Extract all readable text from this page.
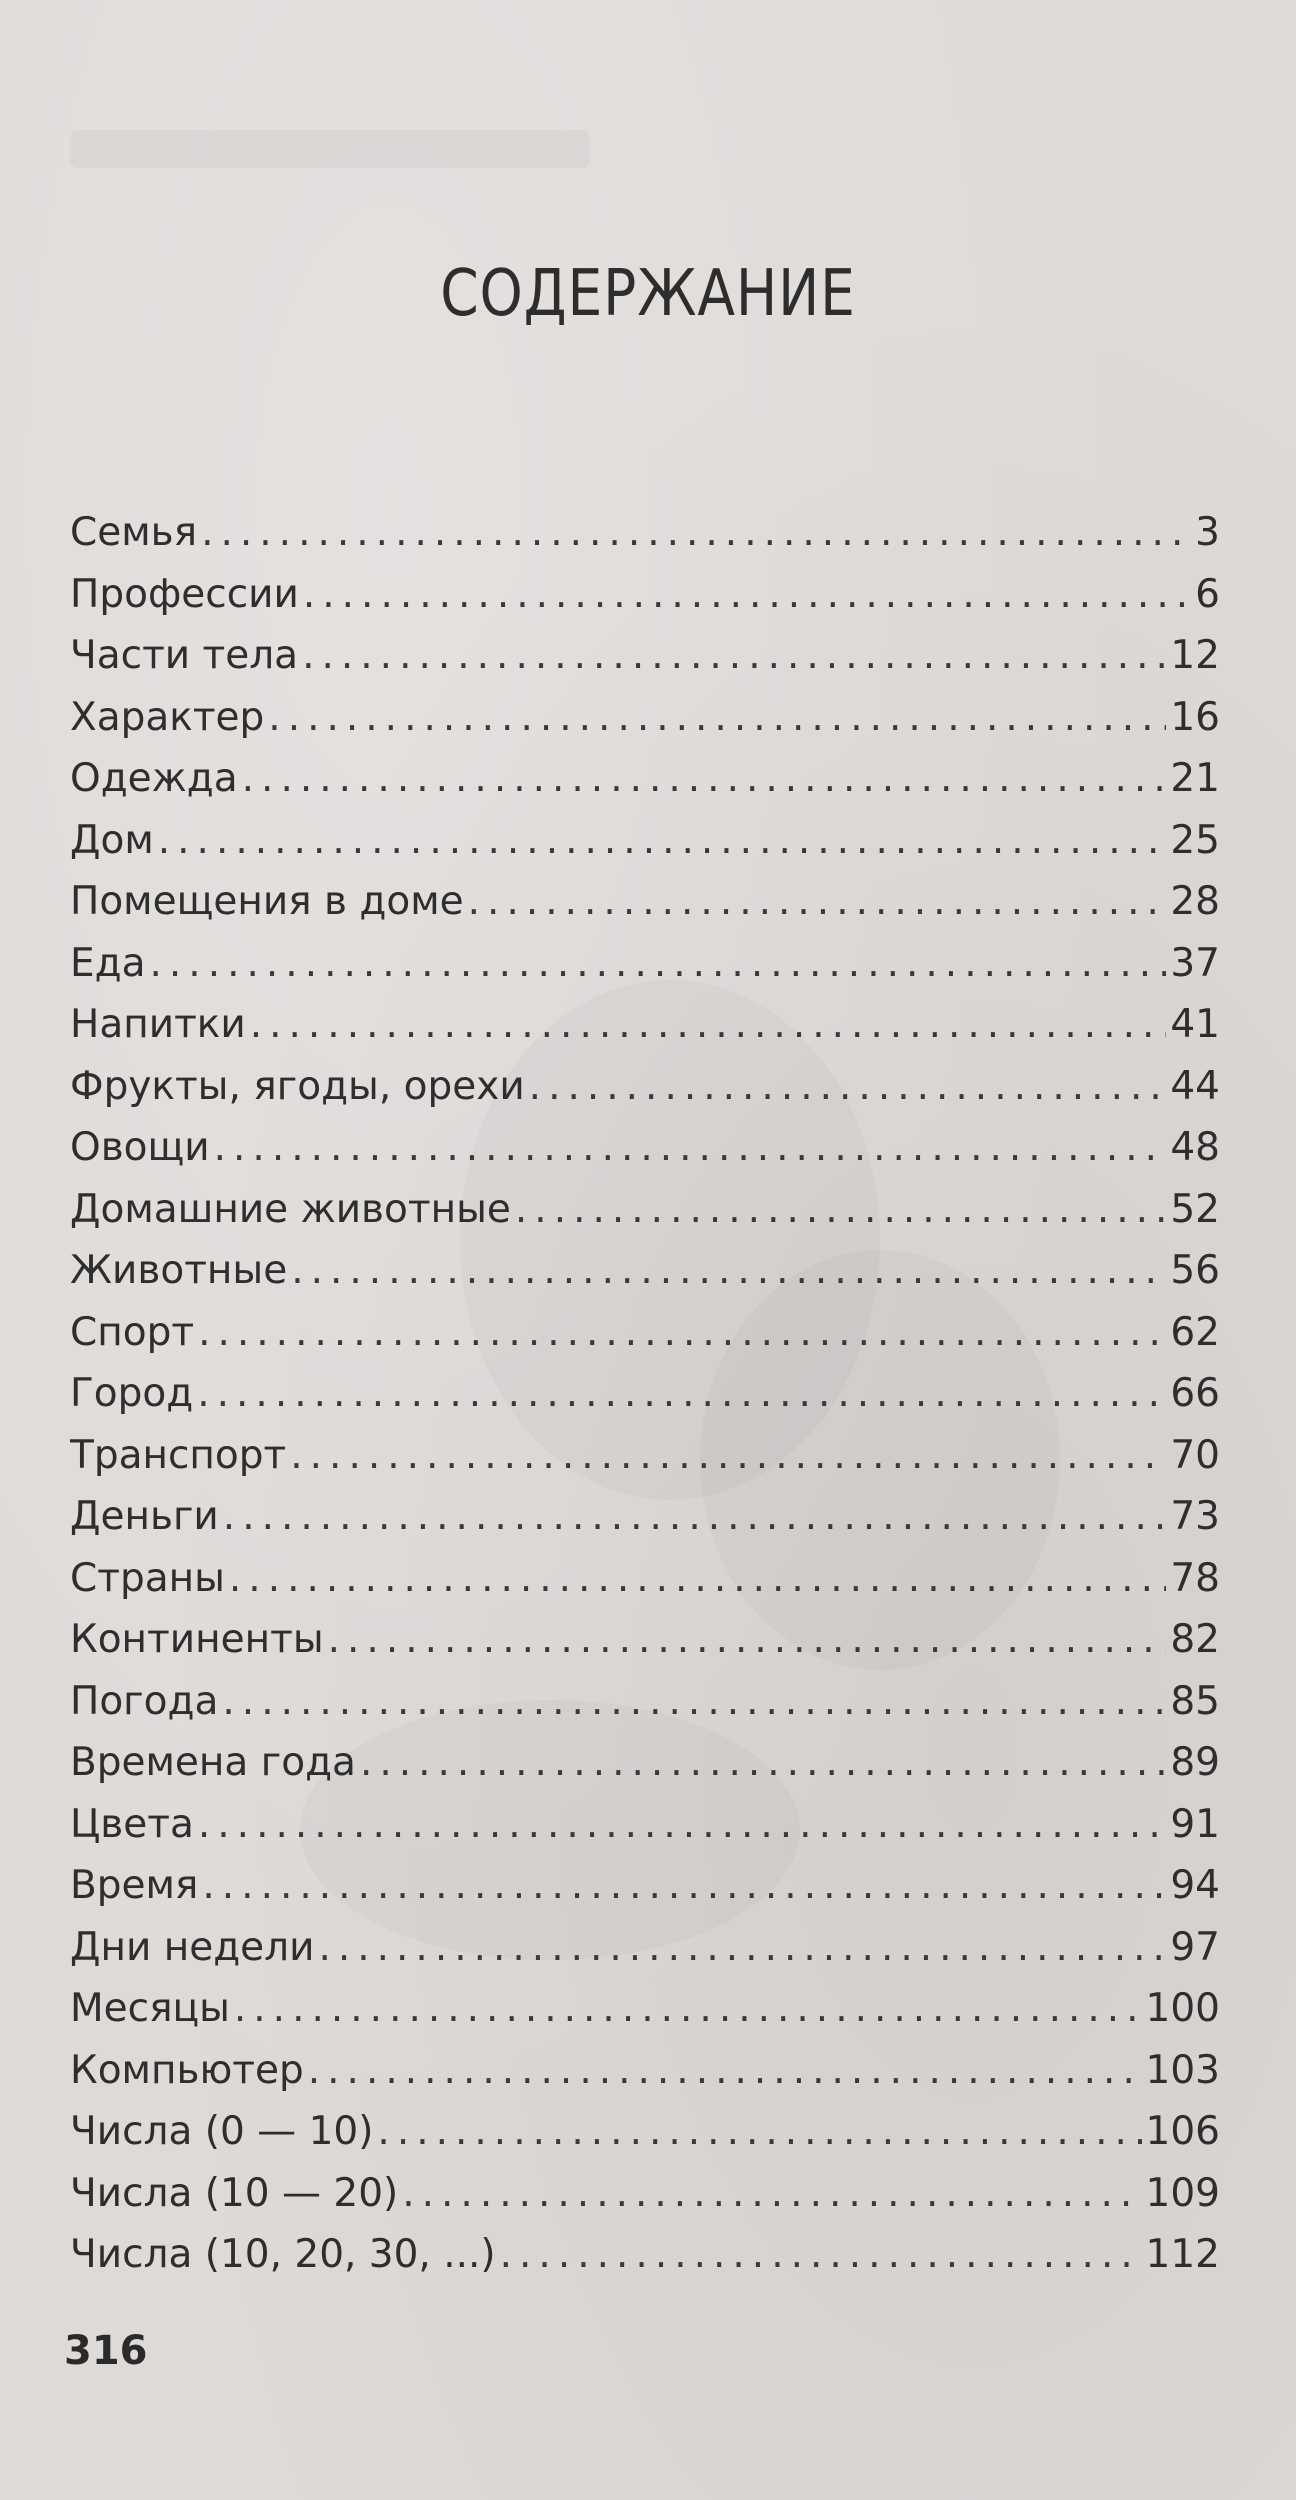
СОДЕРЖАНИЕ
Семья .....	3
Профессии .....	6
Части тела .....	12
Характер .....	16
Одежда .....	21
Дом .....	25
Помещения в доме .....	28
Еда .....	37
Напитки .....	41
Фрукты, ягоды, орехи .....	44
Овощи .....	48
Домашние животные .....	52
Животные .....	56
Спорт .....	62
Город .....	66
Транспорт .....	70
Деньги .....	73
Страны .....	78
Континенты .....	82
Погода .....	85
Времена года .....	89
Цвета .....	91
Время .....	94
Дни недели .....	97
Месяцы .....	100
Компьютер .....	103
Числа (0 — 10) .....	106
Числа (10 — 20) .....	109
Числа (10, 20, 30, ...) .....	112
316
